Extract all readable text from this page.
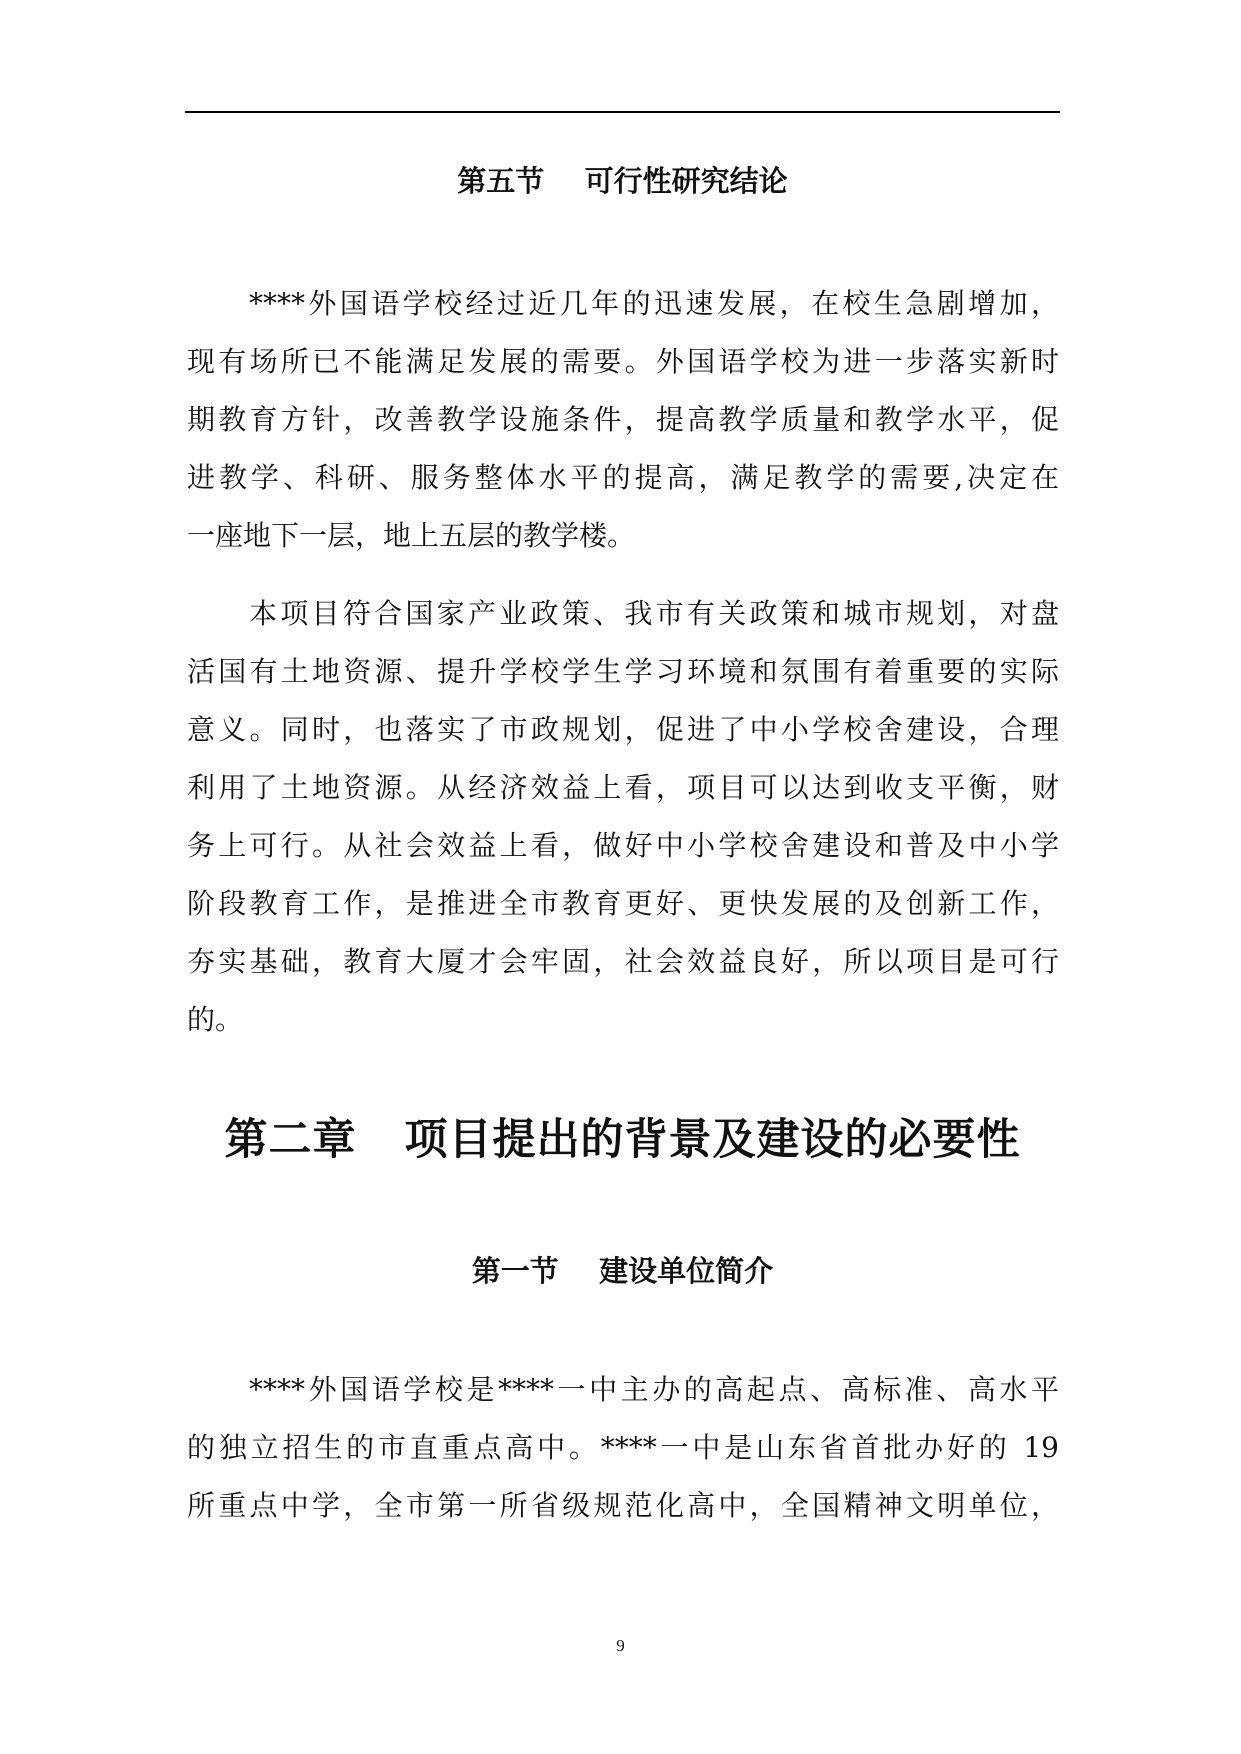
第五节    可行性研究结论
****外国语学校经过近几年的迅速发展，在校生急剧增加，
现有场所已不能满足发展的需要。外国语学校为进一步落实新时
期教育方针，改善教学设施条件，提高教学质量和教学水平，促
进教学、科研、服务整体水平的提高，满足教学的需要,决定在
一座地下一层，地上五层的教学楼。
本项目符合国家产业政策、我市有关政策和城市规划，对盘
活国有土地资源、提升学校学生学习环境和氛围有着重要的实际
意义。同时，也落实了市政规划，促进了中小学校舍建设，合理
利用了土地资源。从经济效益上看，项目可以达到收支平衡，财
务上可行。从社会效益上看，做好中小学校舍建设和普及中小学
阶段教育工作，是推进全市教育更好、更快发展的及创新工作，
夯实基础，教育大厦才会牢固，社会效益良好，所以项目是可行
的。
第二章   项目提出的背景及建设的必要性
第一节    建设单位简介
****外国语学校是****一中主办的高起点、高标准、高水平
的独立招生的市直重点高中。****一中是山东省首批办好的 19
所重点中学，全市第一所省级规范化高中，全国精神文明单位，
9
